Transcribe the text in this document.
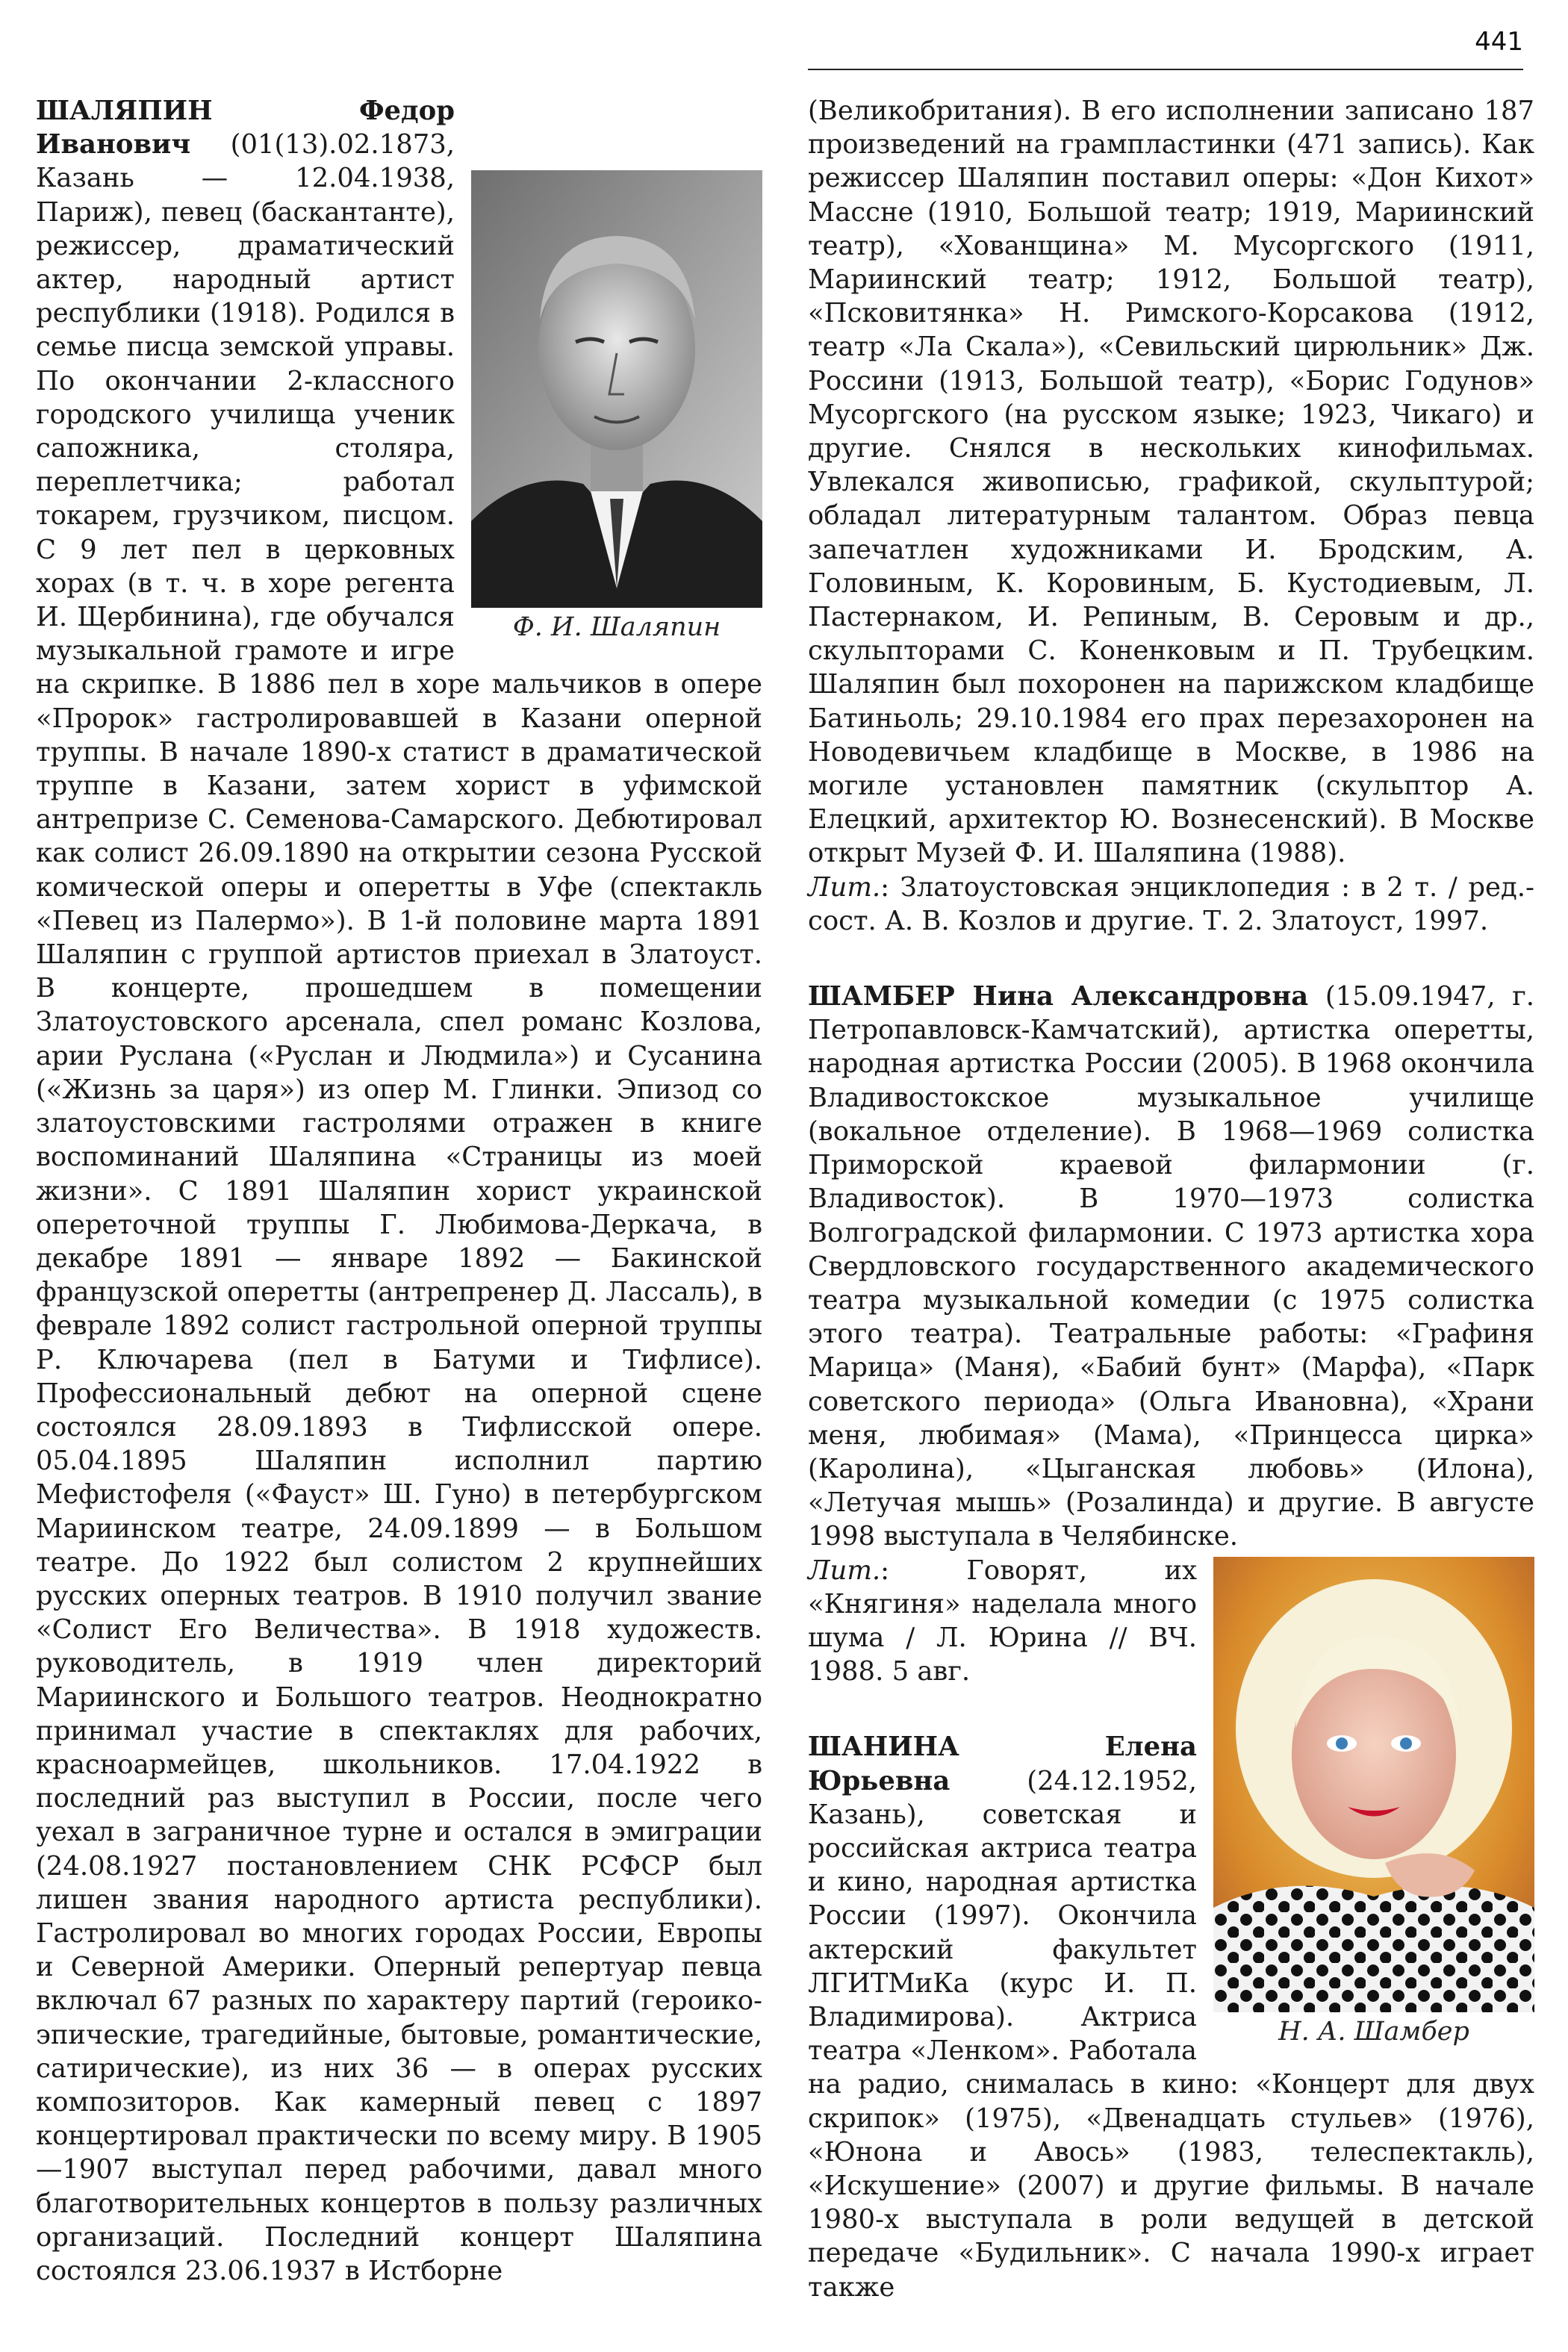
441
Ф. И. Шаляпин

ШАЛЯПИН Федор Иванович (01(13).02.1873, Казань — 12.04.1938, Париж), певец (баскантанте), режиссер, драматический актер, народный артист республики (1918). Родился в семье писца земской управы. По окончании 2-классного городского училища ученик сапожника, столяра, переплетчика; работал токарем, грузчиком, писцом. С 9 лет пел в церковных хорах (в т. ч. в хоре регента И. Щербинина), где обучался музыкальной грамоте и игре на скрипке. В 1886 пел в хоре мальчиков в опере «Пророк» гастролировавшей в Казани оперной труппы. В начале 1890-х статист в драматической труппе в Казани, затем хорист в уфимской антрепризе С. Семенова-Самарского. Дебютировал как солист 26.09.1890 на открытии сезона Русской комической оперы и оперетты в Уфе (спектакль «Певец из Палермо»). В 1-й половине марта 1891 Шаляпин с группой артистов приехал в Златоуст. В концерте, прошедшем в помещении Златоустовского арсенала, спел романс Козлова, арии Руслана («Руслан и Людмила») и Сусанина («Жизнь за царя») из опер М. Глинки. Эпизод со златоустовскими гастролями отражен в книге воспоминаний Шаляпина «Страницы из моей жизни». С 1891 Шаляпин хорист украинской опереточной труппы Г. Любимова-Деркача, в декабре 1891 — январе 1892 — Бакинской французской оперетты (антрепренер Д. Лассаль), в феврале 1892 солист гастрольной оперной труппы Р. Ключарева (пел в Батуми и Тифлисе). Профессиональный дебют на оперной сцене состоялся 28.09.1893 в Тифлисской опере. 05.04.1895 Шаляпин исполнил партию Мефистофеля («Фауст» Ш. Гуно) в петербургском Мариинском театре, 24.09.1899 — в Большом театре. До 1922 был солистом 2 крупнейших русских оперных театров. В 1910 получил звание «Солист Его Величества». В 1918 художеств. руководитель, в 1919 член директорий Мариинского и Большого театров. Неоднократно принимал участие в спектаклях для рабочих, красноармейцев, школьников. 17.04.1922 в последний раз выступил в России, после чего уехал в заграничное турне и остался в эмиграции (24.08.1927 постановлением СНК РСФСР был лишен звания народного артиста республики). Гастролировал во многих городах России, Европы и Северной Америки. Оперный репертуар певца включал 67 разных по характеру партий (героико-эпические, трагедийные, бытовые, романтические, сатирические), из них 36 — в операх русских композиторов. Как камерный певец с 1897 концертировал практически по всему миру. В 1905—1907 выступал перед рабочими, давал много благотворительных концертов в пользу различных организаций. Последний концерт Шаляпина состоялся 23.06.1937 в Истборне

(Великобритания). В его исполнении записано 187 произведений на грампластинки (471 запись). Как режиссер Шаляпин поставил оперы: «Дон Кихот» Массне (1910, Большой театр; 1919, Мариинский театр), «Хованщина» М. Мусоргского (1911, Мариинский театр; 1912, Большой театр), «Псковитянка» Н. Римского-Корсакова (1912, театр «Ла Скала»), «Севильский цирюльник» Дж. Россини (1913, Большой театр), «Борис Годунов» Мусоргского (на русском языке; 1923, Чикаго) и другие. Снялся в нескольких кинофильмах. Увлекался живописью, графикой, скульптурой; обладал литературным талантом. Образ певца запечатлен художниками И. Бродским, А. Головиным, К. Коровиным, Б. Кустодиевым, Л. Пастернаком, И. Репиным, В. Серовым и др., скульпторами С. Коненковым и П. Трубецким. Шаляпин был похоронен на парижском кладбище Батиньоль; 29.10.1984 его прах перезахоронен на Новодевичьем кладбище в Москве, в 1986 на могиле установлен памятник (скульптор А. Елецкий, архитектор Ю. Вознесенский). В Москве открыт Музей Ф. И. Шаляпина (1988).

Лит.: Златоустовская энциклопедия : в 2 т. / ред.-сост. А. В. Козлов и другие. Т. 2. Златоуст, 1997.

ШАМБЕР Нина Александровна (15.09.1947, г. Петропавловск-Камчатский), артистка оперетты, народная артистка России (2005). В 1968 окончила Владивостокское музыкальное училище (вокальное отделение). В 1968—1969 солистка Приморской краевой филармонии (г. Владивосток). В 1970—1973 солистка Волгоградской филармонии. С 1973 артистка хора Свердловского государственного академического театра музыкальной комедии (с 1975 солистка этого театра). Театральные работы: «Графиня Марица» (Маня), «Бабий бунт» (Марфа), «Парк советского периода» (Ольга Ивановна), «Храни меня, любимая» (Мама), «Принцесса цирка» (Каролина), «Цыганская любовь» (Илона), «Летучая мышь» (Розалинда) и другие. В августе 1998 выступала в Челябинске.

Н. А. Шамбер

Лит.: Говорят, их «Княгиня» наделала много шума / Л. Юрина // ВЧ. 1988. 5 авг.

ШАНИНА Елена Юрьевна (24.12.1952, Казань), советская и российская актриса театра и кино, народная артистка России (1997). Окончила актерский факультет ЛГИТМиКа (курс И. П. Владимирова). Актриса театра «Ленком». Работала на радио, снималась в кино: «Концерт для двух скрипок» (1975), «Двенадцать стульев» (1976), «Юнона и Авось» (1983, телеспектакль), «Искушение» (2007) и другие фильмы. В начале 1980-х выступала в роли ведущей в детской передаче «Будильник». С начала 1990-х играет также
